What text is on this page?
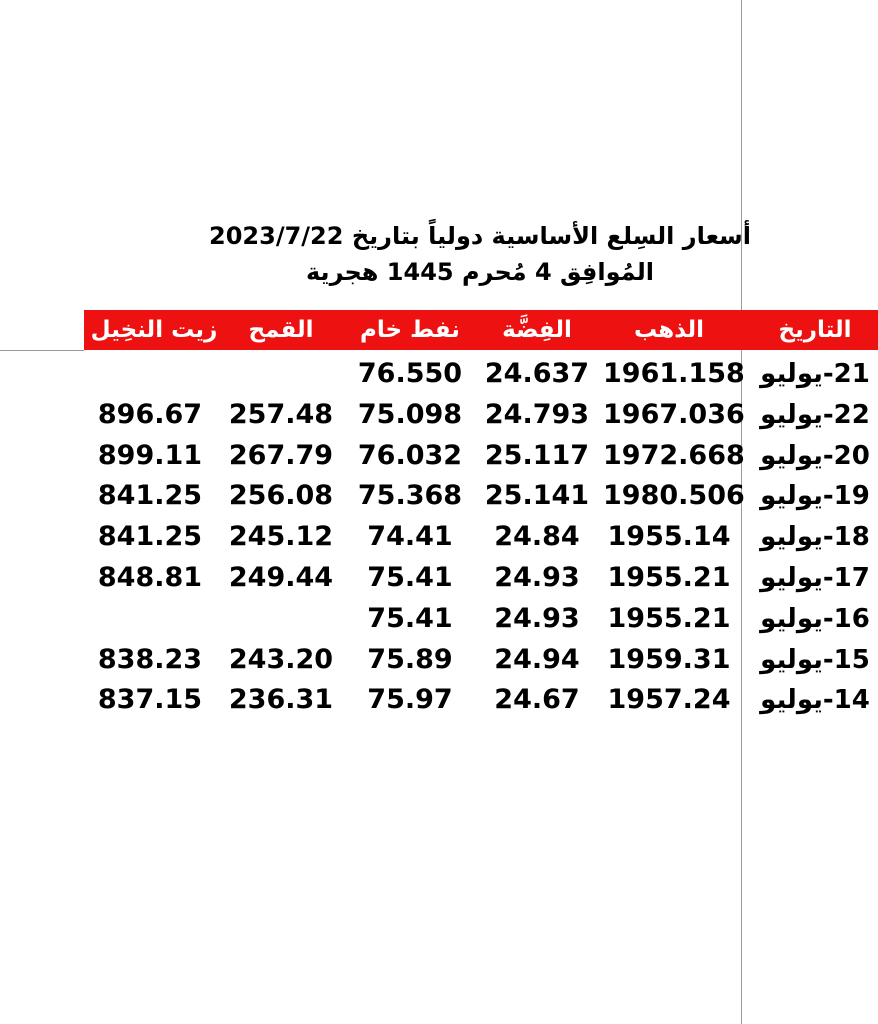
أسعار السِلع الأساسية دولياً بتاريخ 2023/7/22
المُوافِق 4 مُحرم 1445 هجرية
التاريخ
الذهب
الفِضَّة
نفط خام
القمح
زيت النخِيل
21-يوليو
1961.158
24.637
76.550
22-يوليو
1967.036
24.793
75.098
257.48
896.67
20-يوليو
1972.668
25.117
76.032
267.79
899.11
19-يوليو
1980.506
25.141
75.368
256.08
841.25
18-يوليو
1955.14
24.84
74.41
245.12
841.25
17-يوليو
1955.21
24.93
75.41
249.44
848.81
16-يوليو
1955.21
24.93
75.41
15-يوليو
1959.31
24.94
75.89
243.20
838.23
14-يوليو
1957.24
24.67
75.97
236.31
837.15
